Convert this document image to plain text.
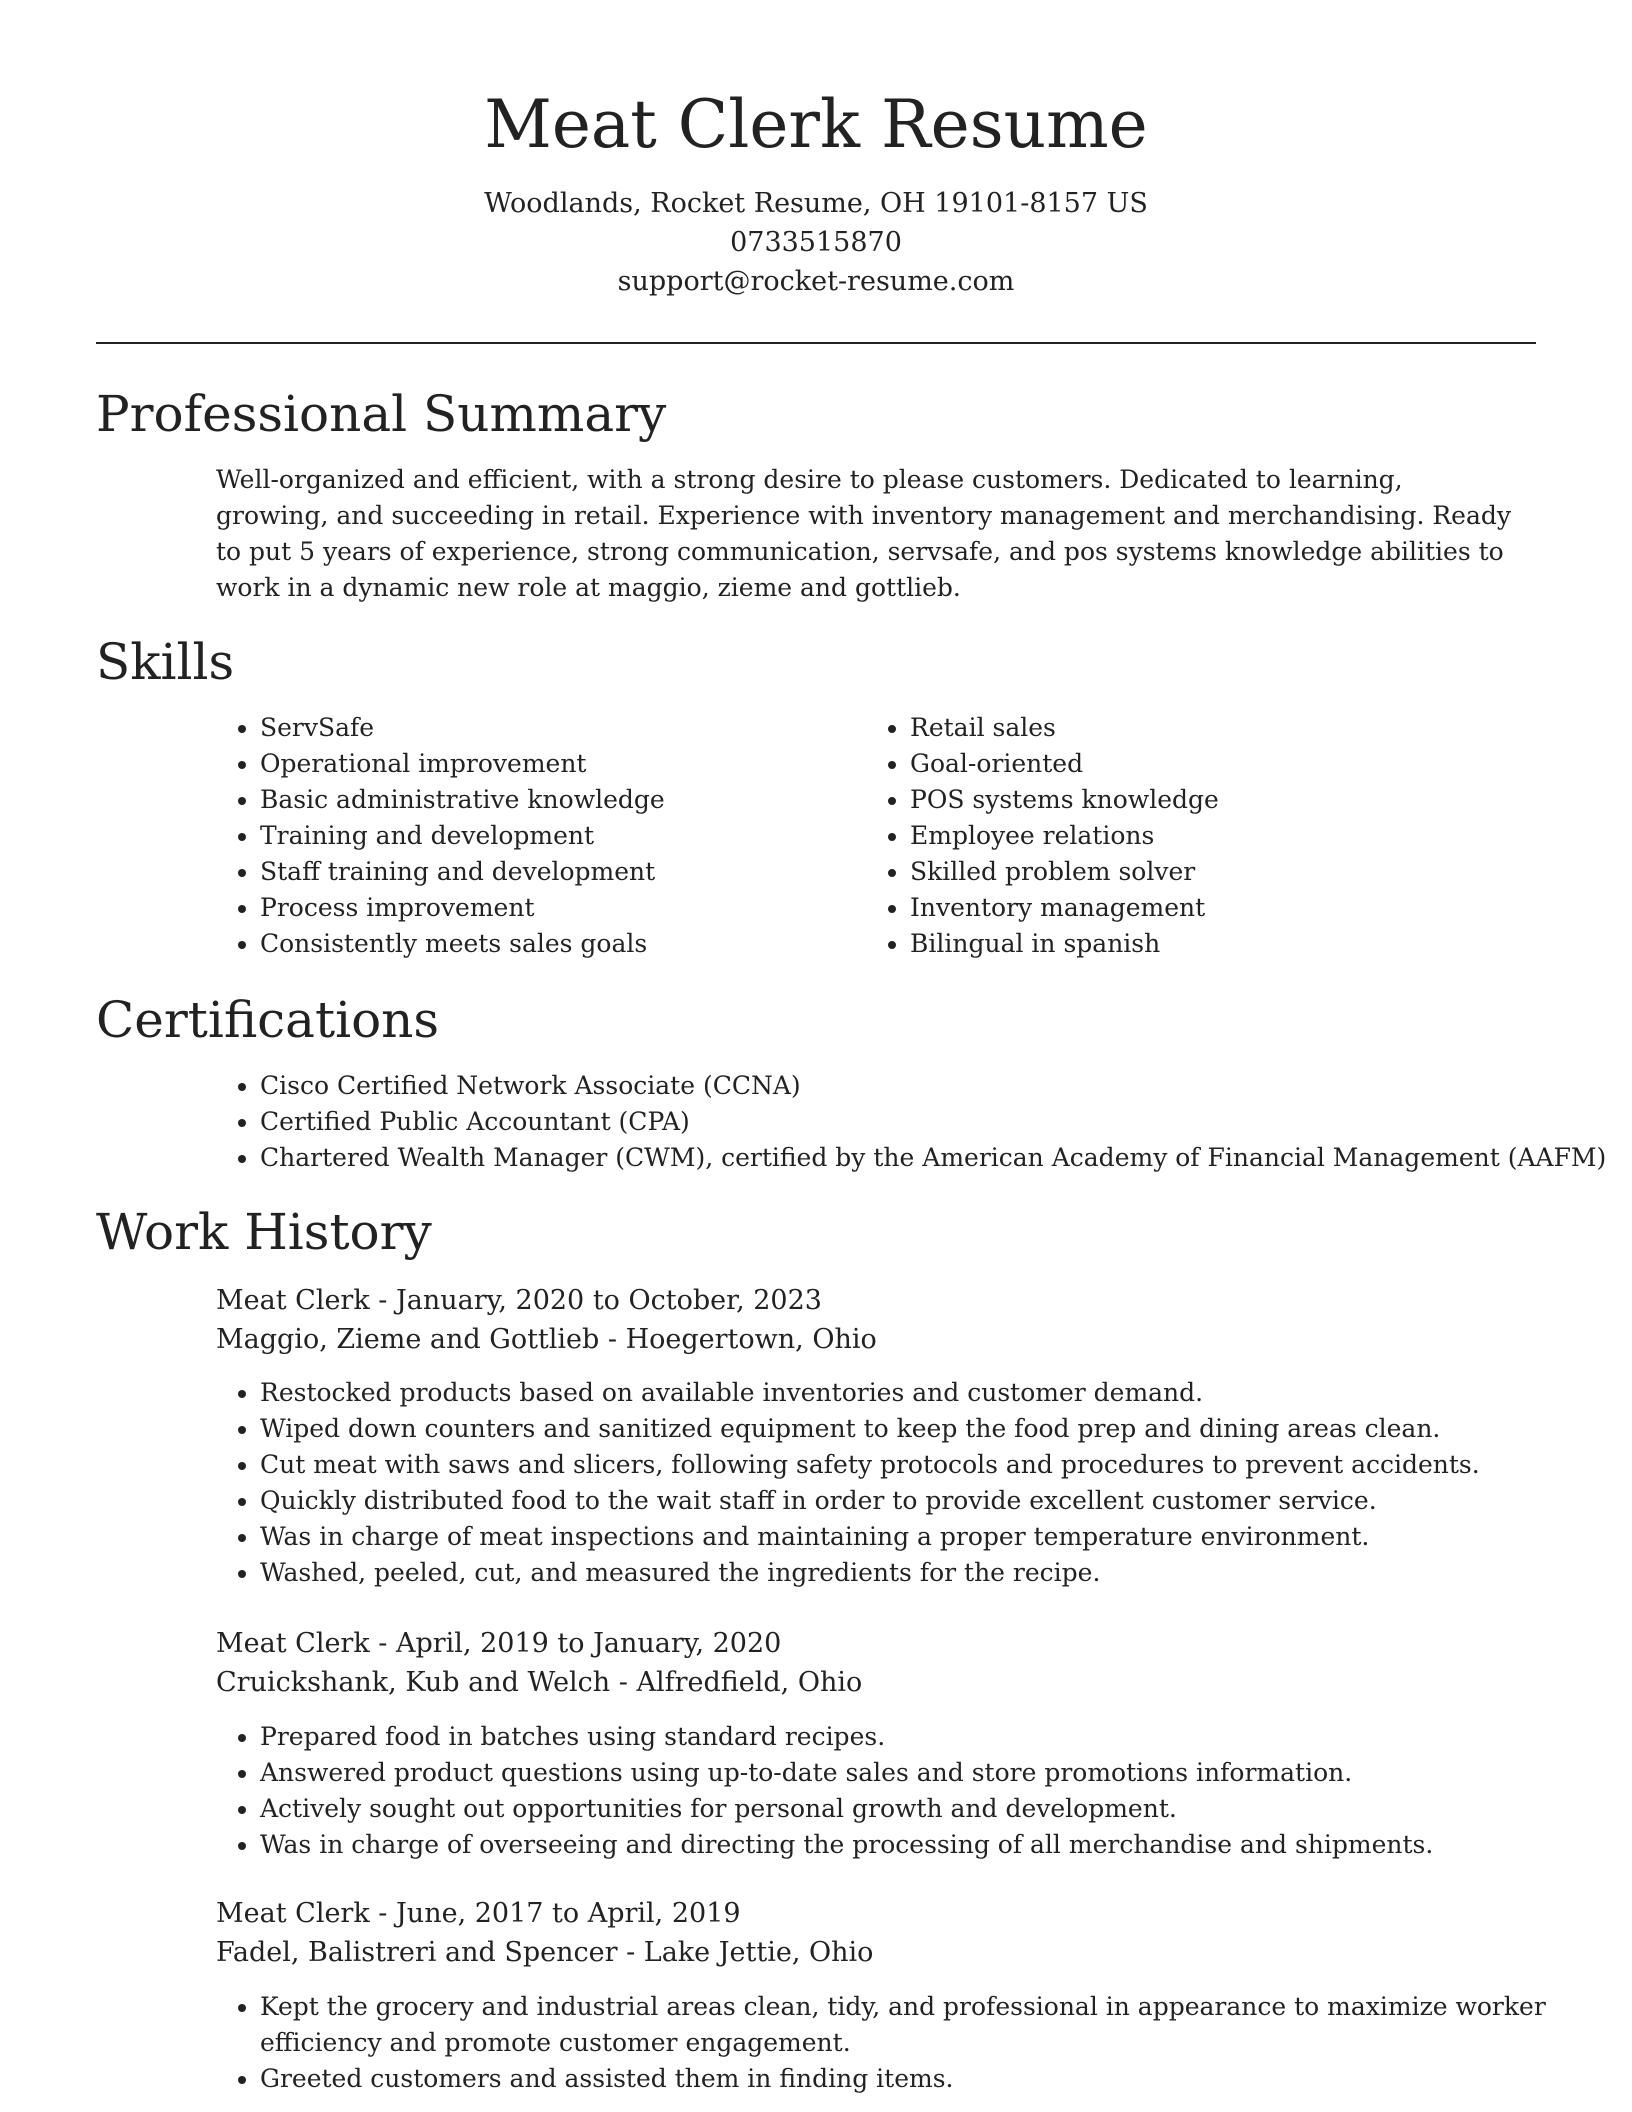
Meat Clerk Resume
Woodlands, Rocket Resume, OH 19101-8157 US
0733515870
support@rocket-resume.com
Professional Summary

Well-organized and efficient, with a strong desire to please customers. Dedicated to learning, growing, and succeeding in retail. Experience with inventory management and merchandising. Ready to put 5 years of experience, strong communication, servsafe, and pos systems knowledge abilities to work in a dynamic new role at maggio, zieme and gottlieb.

Skills
• ServSafe
• Operational improvement
• Basic administrative knowledge
• Training and development
• Staff training and development
• Process improvement
• Consistently meets sales goals
• Retail sales
• Goal-oriented
• POS systems knowledge
• Employee relations
• Skilled problem solver
• Inventory management
• Bilingual in spanish
Certifications
• Cisco Certified Network Associate (CCNA)
• Certified Public Accountant (CPA)
• Chartered Wealth Manager (CWM), certified by the American Academy of Financial Management (AAFM)
Work History
Meat Clerk - January, 2020 to October, 2023
Maggio, Zieme and Gottlieb - Hoegertown, Ohio
• Restocked products based on available inventories and customer demand.
• Wiped down counters and sanitized equipment to keep the food prep and dining areas clean.
• Cut meat with saws and slicers, following safety protocols and procedures to prevent accidents.
• Quickly distributed food to the wait staff in order to provide excellent customer service.
• Was in charge of meat inspections and maintaining a proper temperature environment.
• Washed, peeled, cut, and measured the ingredients for the recipe.
Meat Clerk - April, 2019 to January, 2020
Cruickshank, Kub and Welch - Alfredfield, Ohio
• Prepared food in batches using standard recipes.
• Answered product questions using up-to-date sales and store promotions information.
• Actively sought out opportunities for personal growth and development.
• Was in charge of overseeing and directing the processing of all merchandise and shipments.
Meat Clerk - June, 2017 to April, 2019
Fadel, Balistreri and Spencer - Lake Jettie, Ohio
• Kept the grocery and industrial areas clean, tidy, and professional in appearance to maximize worker efficiency and promote customer engagement.
• Greeted customers and assisted them in finding items.
